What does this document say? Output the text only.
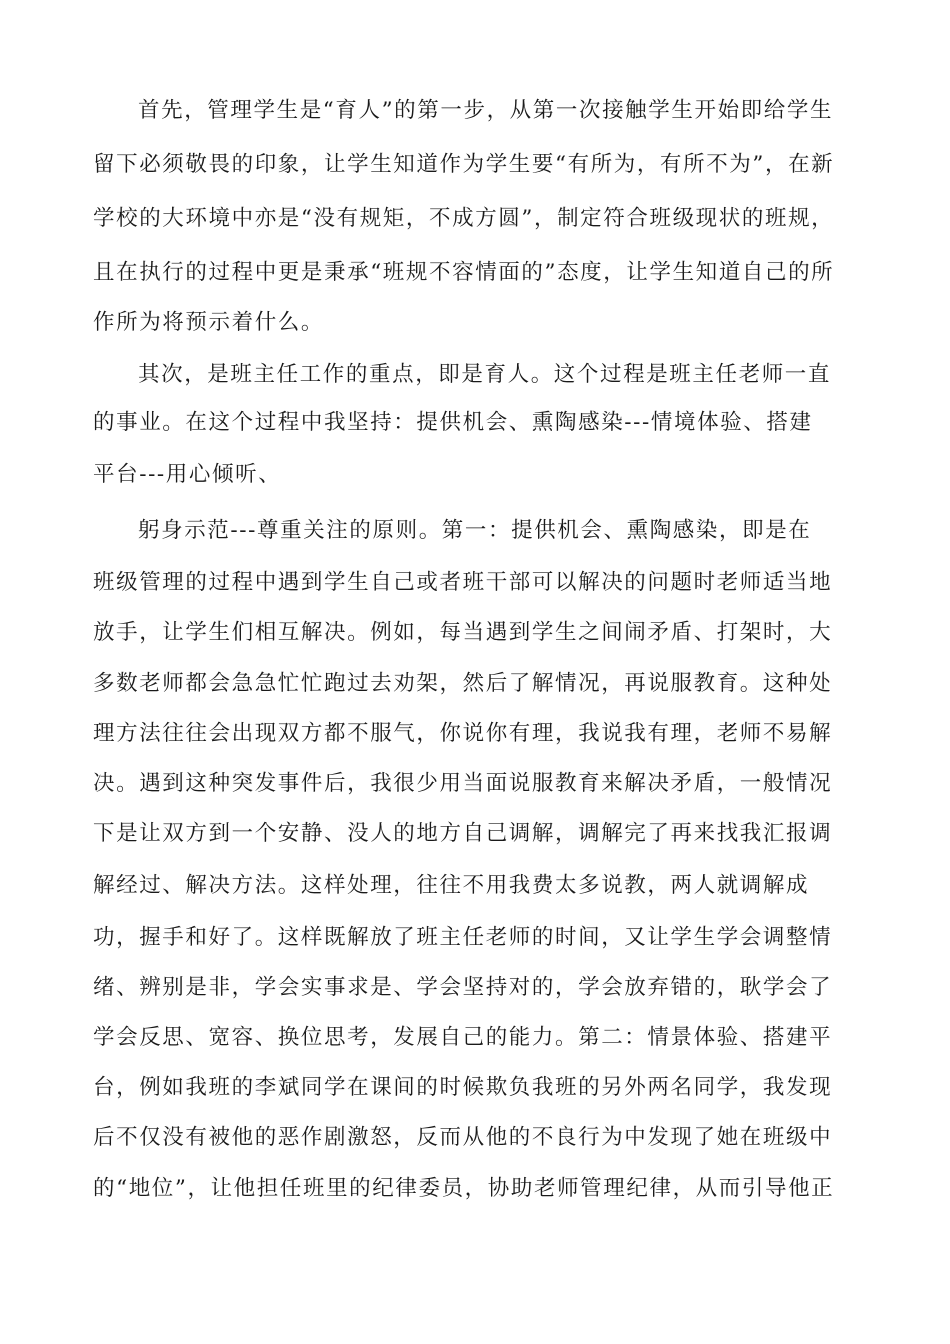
首先，管理学生是“育人”的第一步，从第一次接触学生开始即给学生
留下必须敬畏的印象，让学生知道作为学生要“有所为，有所不为”，在新
学校的大环境中亦是“没有规矩，不成方圆”，制定符合班级现状的班规，
且在执行的过程中更是秉承“班规不容情面的”态度，让学生知道自己的所
作所为将预示着什么。
其次，是班主任工作的重点，即是育人。这个过程是班主任老师一直
的事业。在这个过程中我坚持：提供机会、熏陶感染---情境体验、搭建
平台---用心倾听、
躬身示范---尊重关注的原则。第一：提供机会、熏陶感染，即是在
班级管理的过程中遇到学生自己或者班干部可以解决的问题时老师适当地
放手，让学生们相互解决。例如，每当遇到学生之间闹矛盾、打架时，大
多数老师都会急急忙忙跑过去劝架，然后了解情况，再说服教育。这种处
理方法往往会出现双方都不服气，你说你有理，我说我有理，老师不易解
决。遇到这种突发事件后，我很少用当面说服教育来解决矛盾，一般情况
下是让双方到一个安静、没人的地方自己调解，调解完了再来找我汇报调
解经过、解决方法。这样处理，往往不用我费太多说教，两人就调解成
功，握手和好了。这样既解放了班主任老师的时间，又让学生学会调整情
绪、辨别是非，学会实事求是、学会坚持对的，学会放弃错的，耿学会了
学会反思、宽容、换位思考，发展自己的能力。第二：情景体验、搭建平
台，例如我班的李斌同学在课间的时候欺负我班的另外两名同学，我发现
后不仅没有被他的恶作剧激怒，反而从他的不良行为中发现了她在班级中
的“地位”，让他担任班里的纪律委员，协助老师管理纪律，从而引导他正
